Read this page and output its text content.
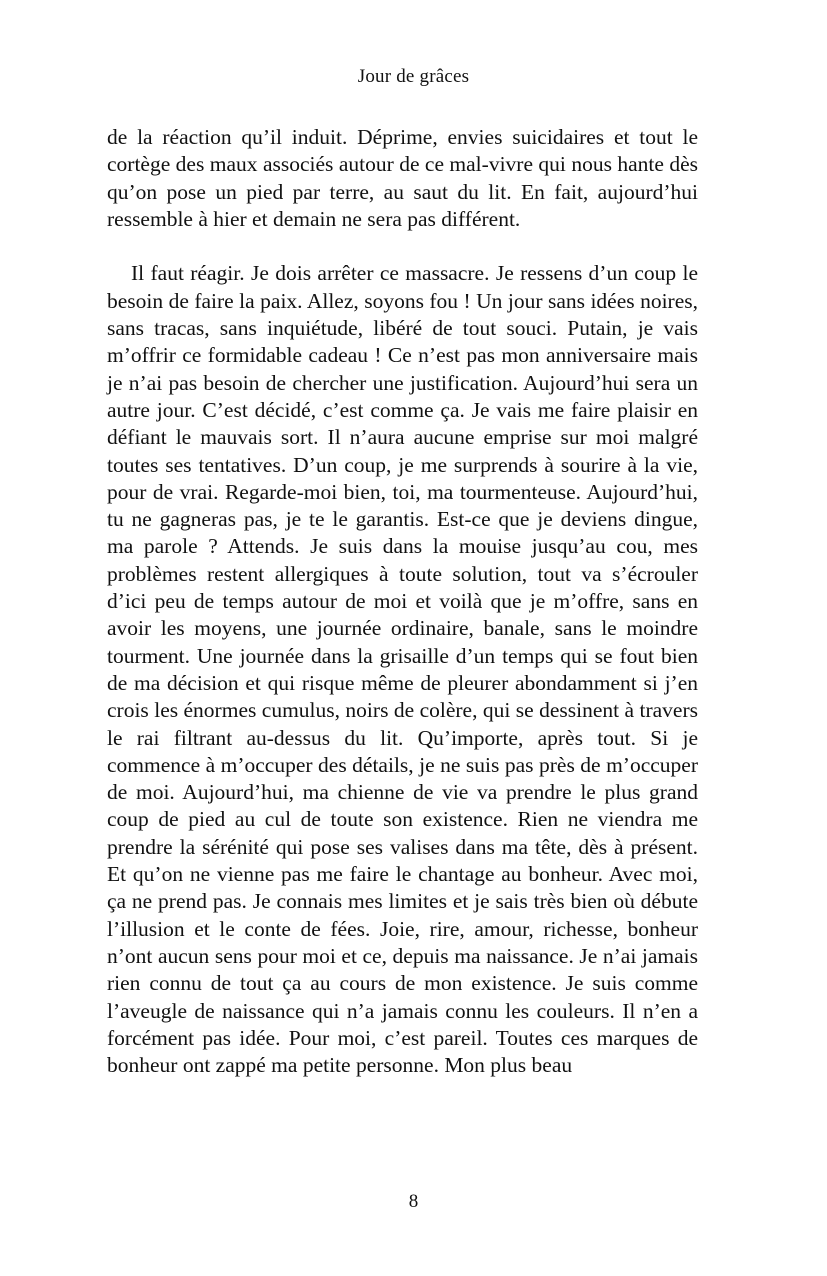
Jour de grâces

de la réaction qu’il induit. Déprime, envies suicidaires et tout le cortège des maux associés autour de ce mal-vivre qui nous hante dès qu’on pose un pied par terre, au saut du lit. En fait, aujourd’hui ressemble à hier et demain ne sera pas différent.

Il faut réagir. Je dois arrêter ce massacre. Je ressens d’un coup le besoin de faire la paix. Allez, soyons fou ! Un jour sans idées noires, sans tracas, sans inquiétude, libéré de tout souci. Putain, je vais m’offrir ce formidable cadeau ! Ce n’est pas mon anniversaire mais je n’ai pas besoin de chercher une justification. Aujourd’hui sera un autre jour. C’est décidé, c’est comme ça. Je vais me faire plaisir en défiant le mauvais sort. Il n’aura aucune emprise sur moi malgré toutes ses tentatives. D’un coup, je me surprends à sourire à la vie, pour de vrai. Regarde-moi bien, toi, ma tourmenteuse. Aujourd’hui, tu ne gagneras pas, je te le garantis. Est-ce que je deviens dingue, ma parole ? Attends. Je suis dans la mouise jusqu’au cou, mes problèmes restent allergiques à toute solution, tout va s’écrouler d’ici peu de temps autour de moi et voilà que je m’offre, sans en avoir les moyens, une journée ordinaire, banale, sans le moindre tourment. Une journée dans la grisaille d’un temps qui se fout bien de ma décision et qui risque même de pleurer abondamment si j’en crois les énormes cumulus, noirs de colère, qui se dessinent à travers le rai filtrant au-dessus du lit. Qu’importe, après tout. Si je commence à m’occuper des détails, je ne suis pas près de m’occuper de moi. Aujourd’hui, ma chienne de vie va prendre le plus grand coup de pied au cul de toute son existence. Rien ne viendra me prendre la sérénité qui pose ses valises dans ma tête, dès à présent. Et qu’on ne vienne pas me faire le chantage au bonheur. Avec moi, ça ne prend pas. Je connais mes limites et je sais très bien où débute l’illusion et le conte de fées. Joie, rire, amour, richesse, bonheur n’ont aucun sens pour moi et ce, depuis ma naissance. Je n’ai jamais rien connu de tout ça au cours de mon existence. Je suis comme l’aveugle de naissance qui n’a jamais connu les couleurs. Il n’en a forcément pas idée. Pour moi, c’est pareil. Toutes ces marques de bonheur ont zappé ma petite personne. Mon plus beau

8
